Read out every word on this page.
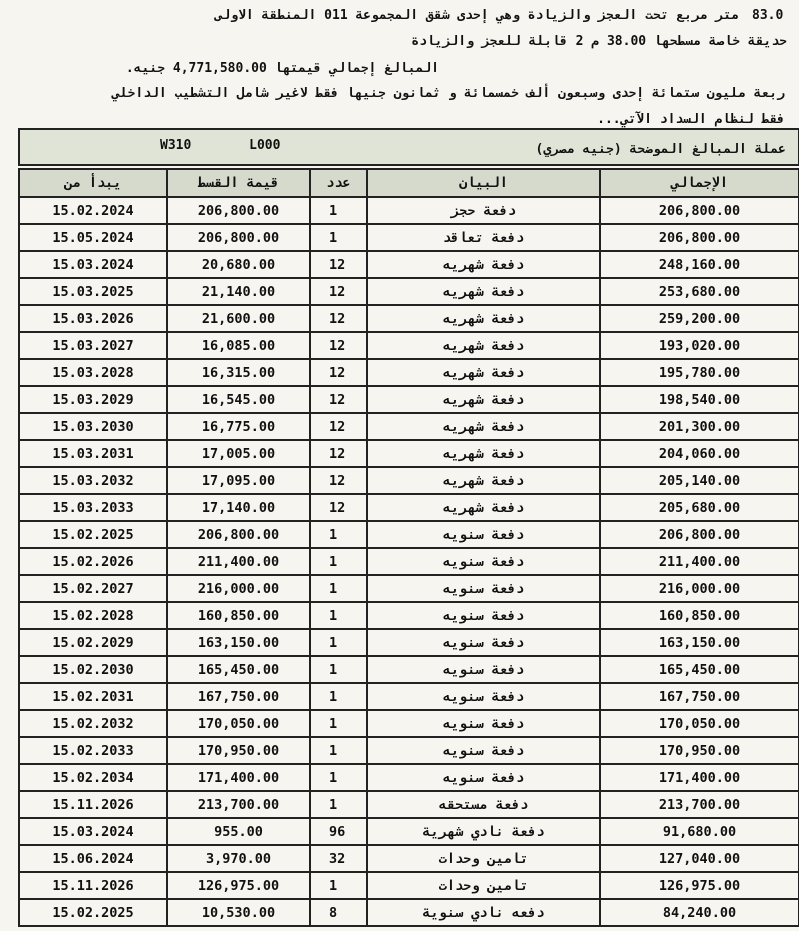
83.0
متر مربع تحت العجز والزيادة وهي إحدى شقق المجموعة 011 المنطقة الاولى
حديقة خاصة مسطحها 38.00 م 2 قابلة للعجز والزيادة
المبالغ إجمالي قيمتها 4,771,580.00 جنيه.
ربعة مليون ستمائة إحدى وسبعون ألف خمسمائة و ثمانون جنيها فقط لاغير شامل التشطيب الداخلي
فقط لنظام السداد الآتي...
W310	L000	عملة المبالغ الموضحة (جنيه مصري)
يبدأ من	قيمة القسط	عدد	البيان	الإجمالي
15.02.2024	206,800.00	1	دفعة حجز	206,800.00
15.05.2024	206,800.00	1	دفعة تعاقد	206,800.00
15.03.2024	20,680.00	12	دفعة شهريه	248,160.00
15.03.2025	21,140.00	12	دفعة شهريه	253,680.00
15.03.2026	21,600.00	12	دفعة شهريه	259,200.00
15.03.2027	16,085.00	12	دفعة شهريه	193,020.00
15.03.2028	16,315.00	12	دفعة شهريه	195,780.00
15.03.2029	16,545.00	12	دفعة شهريه	198,540.00
15.03.2030	16,775.00	12	دفعة شهريه	201,300.00
15.03.2031	17,005.00	12	دفعة شهريه	204,060.00
15.03.2032	17,095.00	12	دفعة شهريه	205,140.00
15.03.2033	17,140.00	12	دفعة شهريه	205,680.00
15.02.2025	206,800.00	1	دفعة سنويه	206,800.00
15.02.2026	211,400.00	1	دفعة سنويه	211,400.00
15.02.2027	216,000.00	1	دفعة سنويه	216,000.00
15.02.2028	160,850.00	1	دفعة سنويه	160,850.00
15.02.2029	163,150.00	1	دفعة سنويه	163,150.00
15.02.2030	165,450.00	1	دفعة سنويه	165,450.00
15.02.2031	167,750.00	1	دفعة سنويه	167,750.00
15.02.2032	170,050.00	1	دفعة سنويه	170,050.00
15.02.2033	170,950.00	1	دفعة سنويه	170,950.00
15.02.2034	171,400.00	1	دفعة سنويه	171,400.00
15.11.2026	213,700.00	1	دفعة مستحقه	213,700.00
15.03.2024	955.00	96	دفعة نادي شهرية	91,680.00
15.06.2024	3,970.00	32	تامين وحدات	127,040.00
15.11.2026	126,975.00	1	تامين وحدات	126,975.00
15.02.2025	10,530.00	8	دفعه نادي سنوية	84,240.00
